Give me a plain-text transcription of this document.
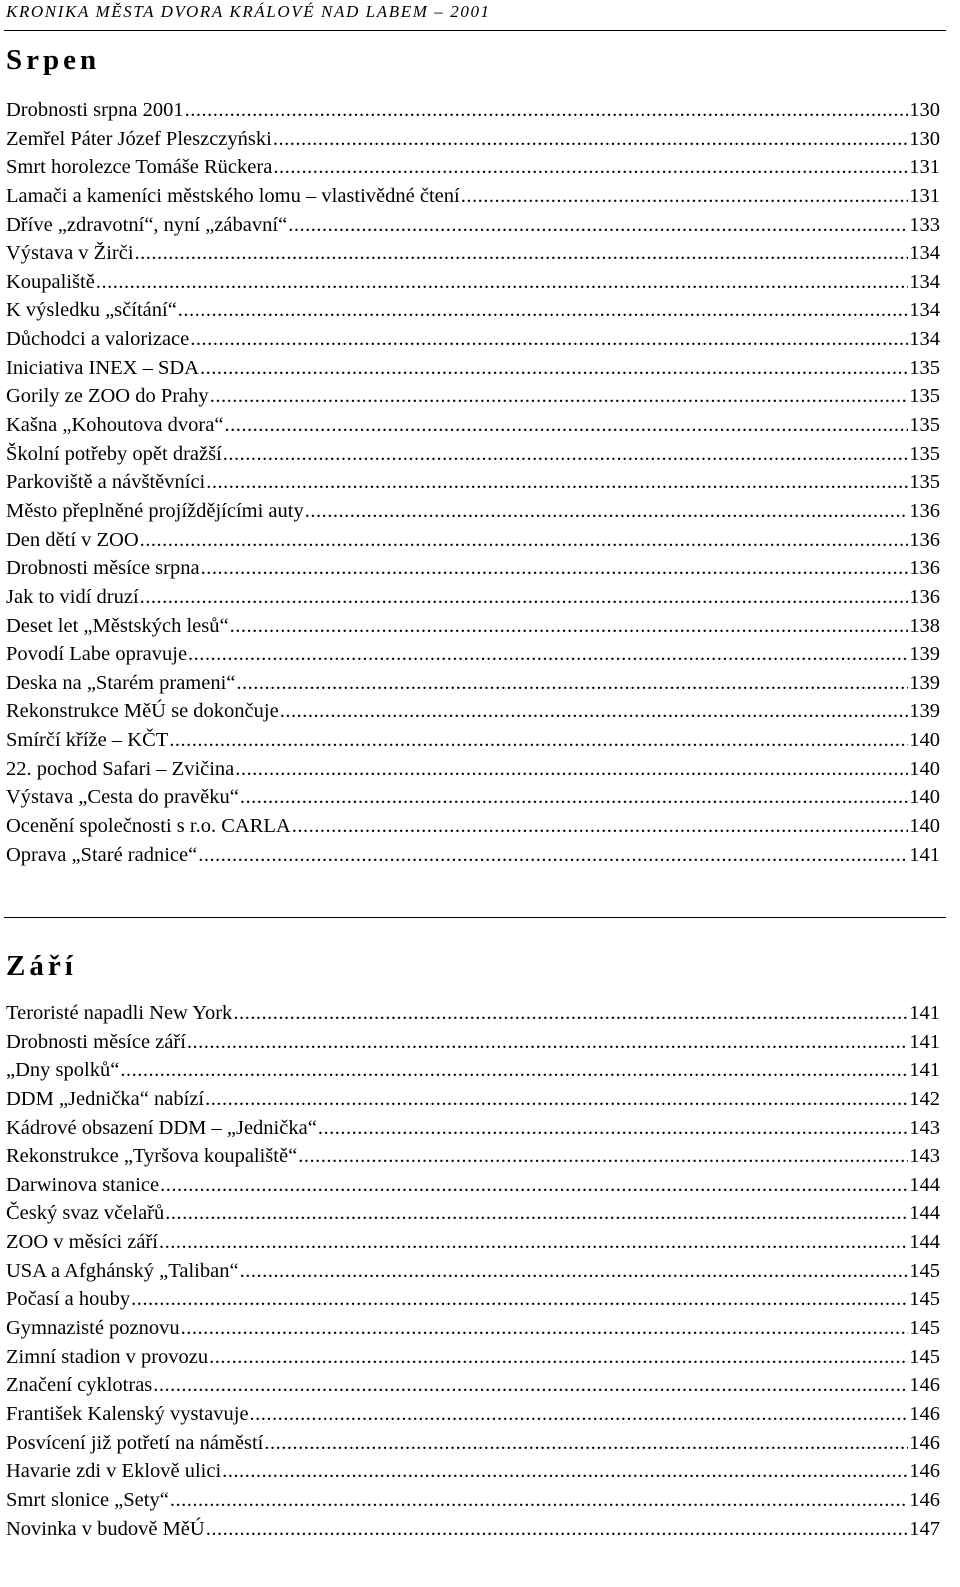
KRONIKA MĚSTA DVORA KRÁLOVÉ NAD LABEM – 2001
Srpen
Drobnosti srpna 2001 .....	130
Zemřel Páter Józef Pleszczyński .....	130
Smrt horolezce Tomáše Rückera .....	131
Lamači a kameníci městského lomu – vlastivědné čtení .....	131
Dříve „zdravotní“, nyní „zábavní“ .....	133
Výstava v Žirči .....	134
Koupaliště .....	134
K výsledku „sčítání“ .....	134
Důchodci a valorizace .....	134
Iniciativa INEX – SDA .....	135
Gorily ze ZOO do Prahy .....	135
Kašna „Kohoutova dvora“ .....	135
Školní potřeby opět dražší .....	135
Parkoviště a návštěvníci .....	135
Město přeplněné projíždějícími auty .....	136
Den dětí v ZOO .....	136
Drobnosti měsíce srpna .....	136
Jak to vidí druzí .....	136
Deset let „Městských lesů“ .....	138
Povodí Labe opravuje .....	139
Deska na „Starém prameni“ .....	139
Rekonstrukce MěÚ se dokončuje .....	139
Smírčí kříže – KČT .....	140
22. pochod Safari – Zvičina .....	140
Výstava „Cesta do pravěku“ .....	140
Ocenění společnosti s r.o. CARLA .....	140
Oprava „Staré radnice“ .....	141
Září
Teroristé napadli New York .....	141
Drobnosti měsíce září .....	141
„Dny spolků“ .....	141
DDM „Jednička“ nabízí .....	142
Kádrové obsazení DDM – „Jednička“ .....	143
Rekonstrukce „Tyršova koupaliště“ .....	143
Darwinova stanice .....	144
Český svaz včelařů .....	144
ZOO v měsíci září .....	144
USA a Afghánský „Taliban“ .....	145
Počasí a houby .....	145
Gymnazisté poznovu .....	145
Zimní stadion v provozu .....	145
Značení cyklotras .....	146
František Kalenský vystavuje .....	146
Posvícení již potřetí na náměstí .....	146
Havarie zdi v Eklově ulici .....	146
Smrt slonice „Sety“ .....	146
Novinka v budově MěÚ .....	147
